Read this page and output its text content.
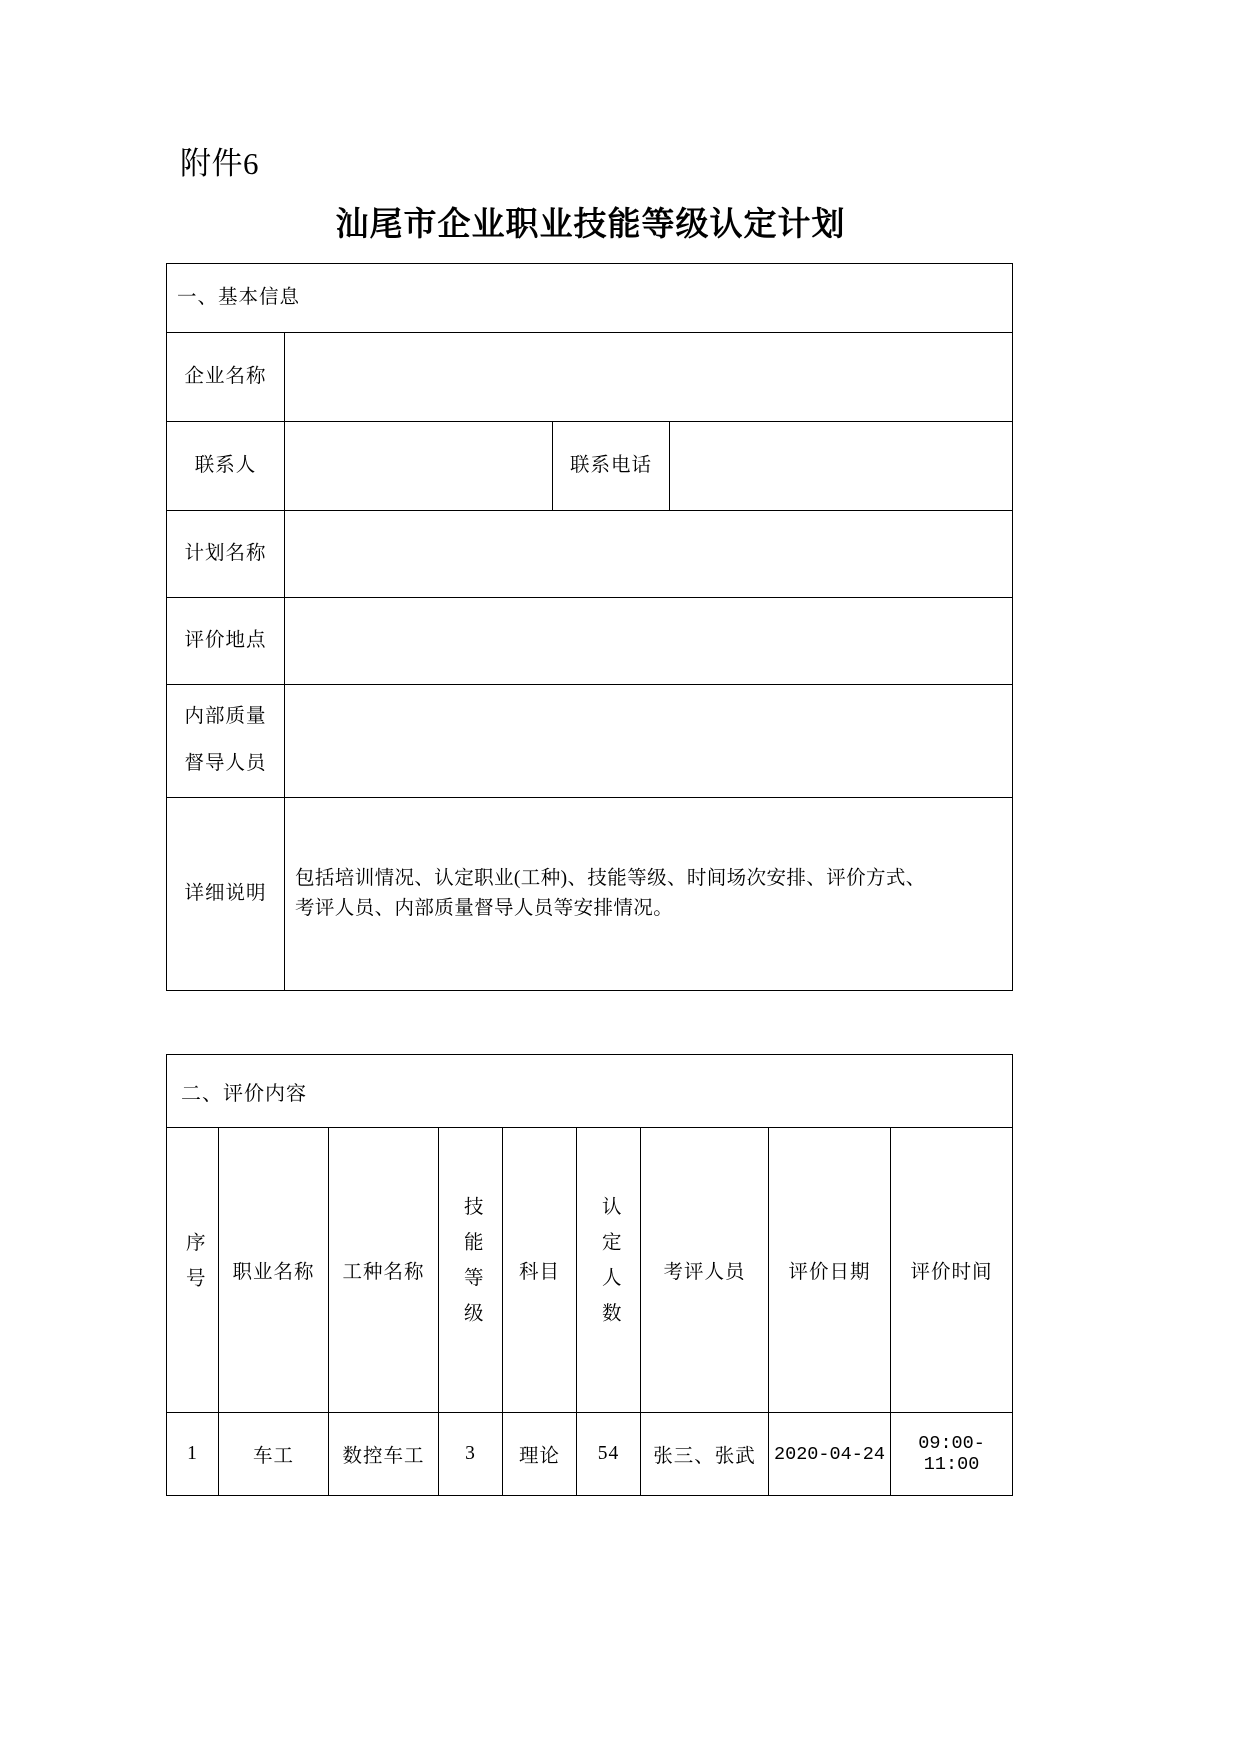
附件6
汕尾市企业职业技能等级认定计划
一、基本信息			
企业名称			
联系人		联系电话	
计划名称			
评价地点			
内部质量
督导人员			
详细说明	包括培训情况、认定职业(工种)、技能等级、时间场次安排、评价方式、
考评人员、内部质量督导人员等安排情况。		
二、评价内容								
序号	职业名称	工种名称	技能等级	科目	认定人数	考评人员	评价日期	评价时间
1	车工	数控车工	3	理论	54	张三、张武	2020-04-24	09:00-11:00
